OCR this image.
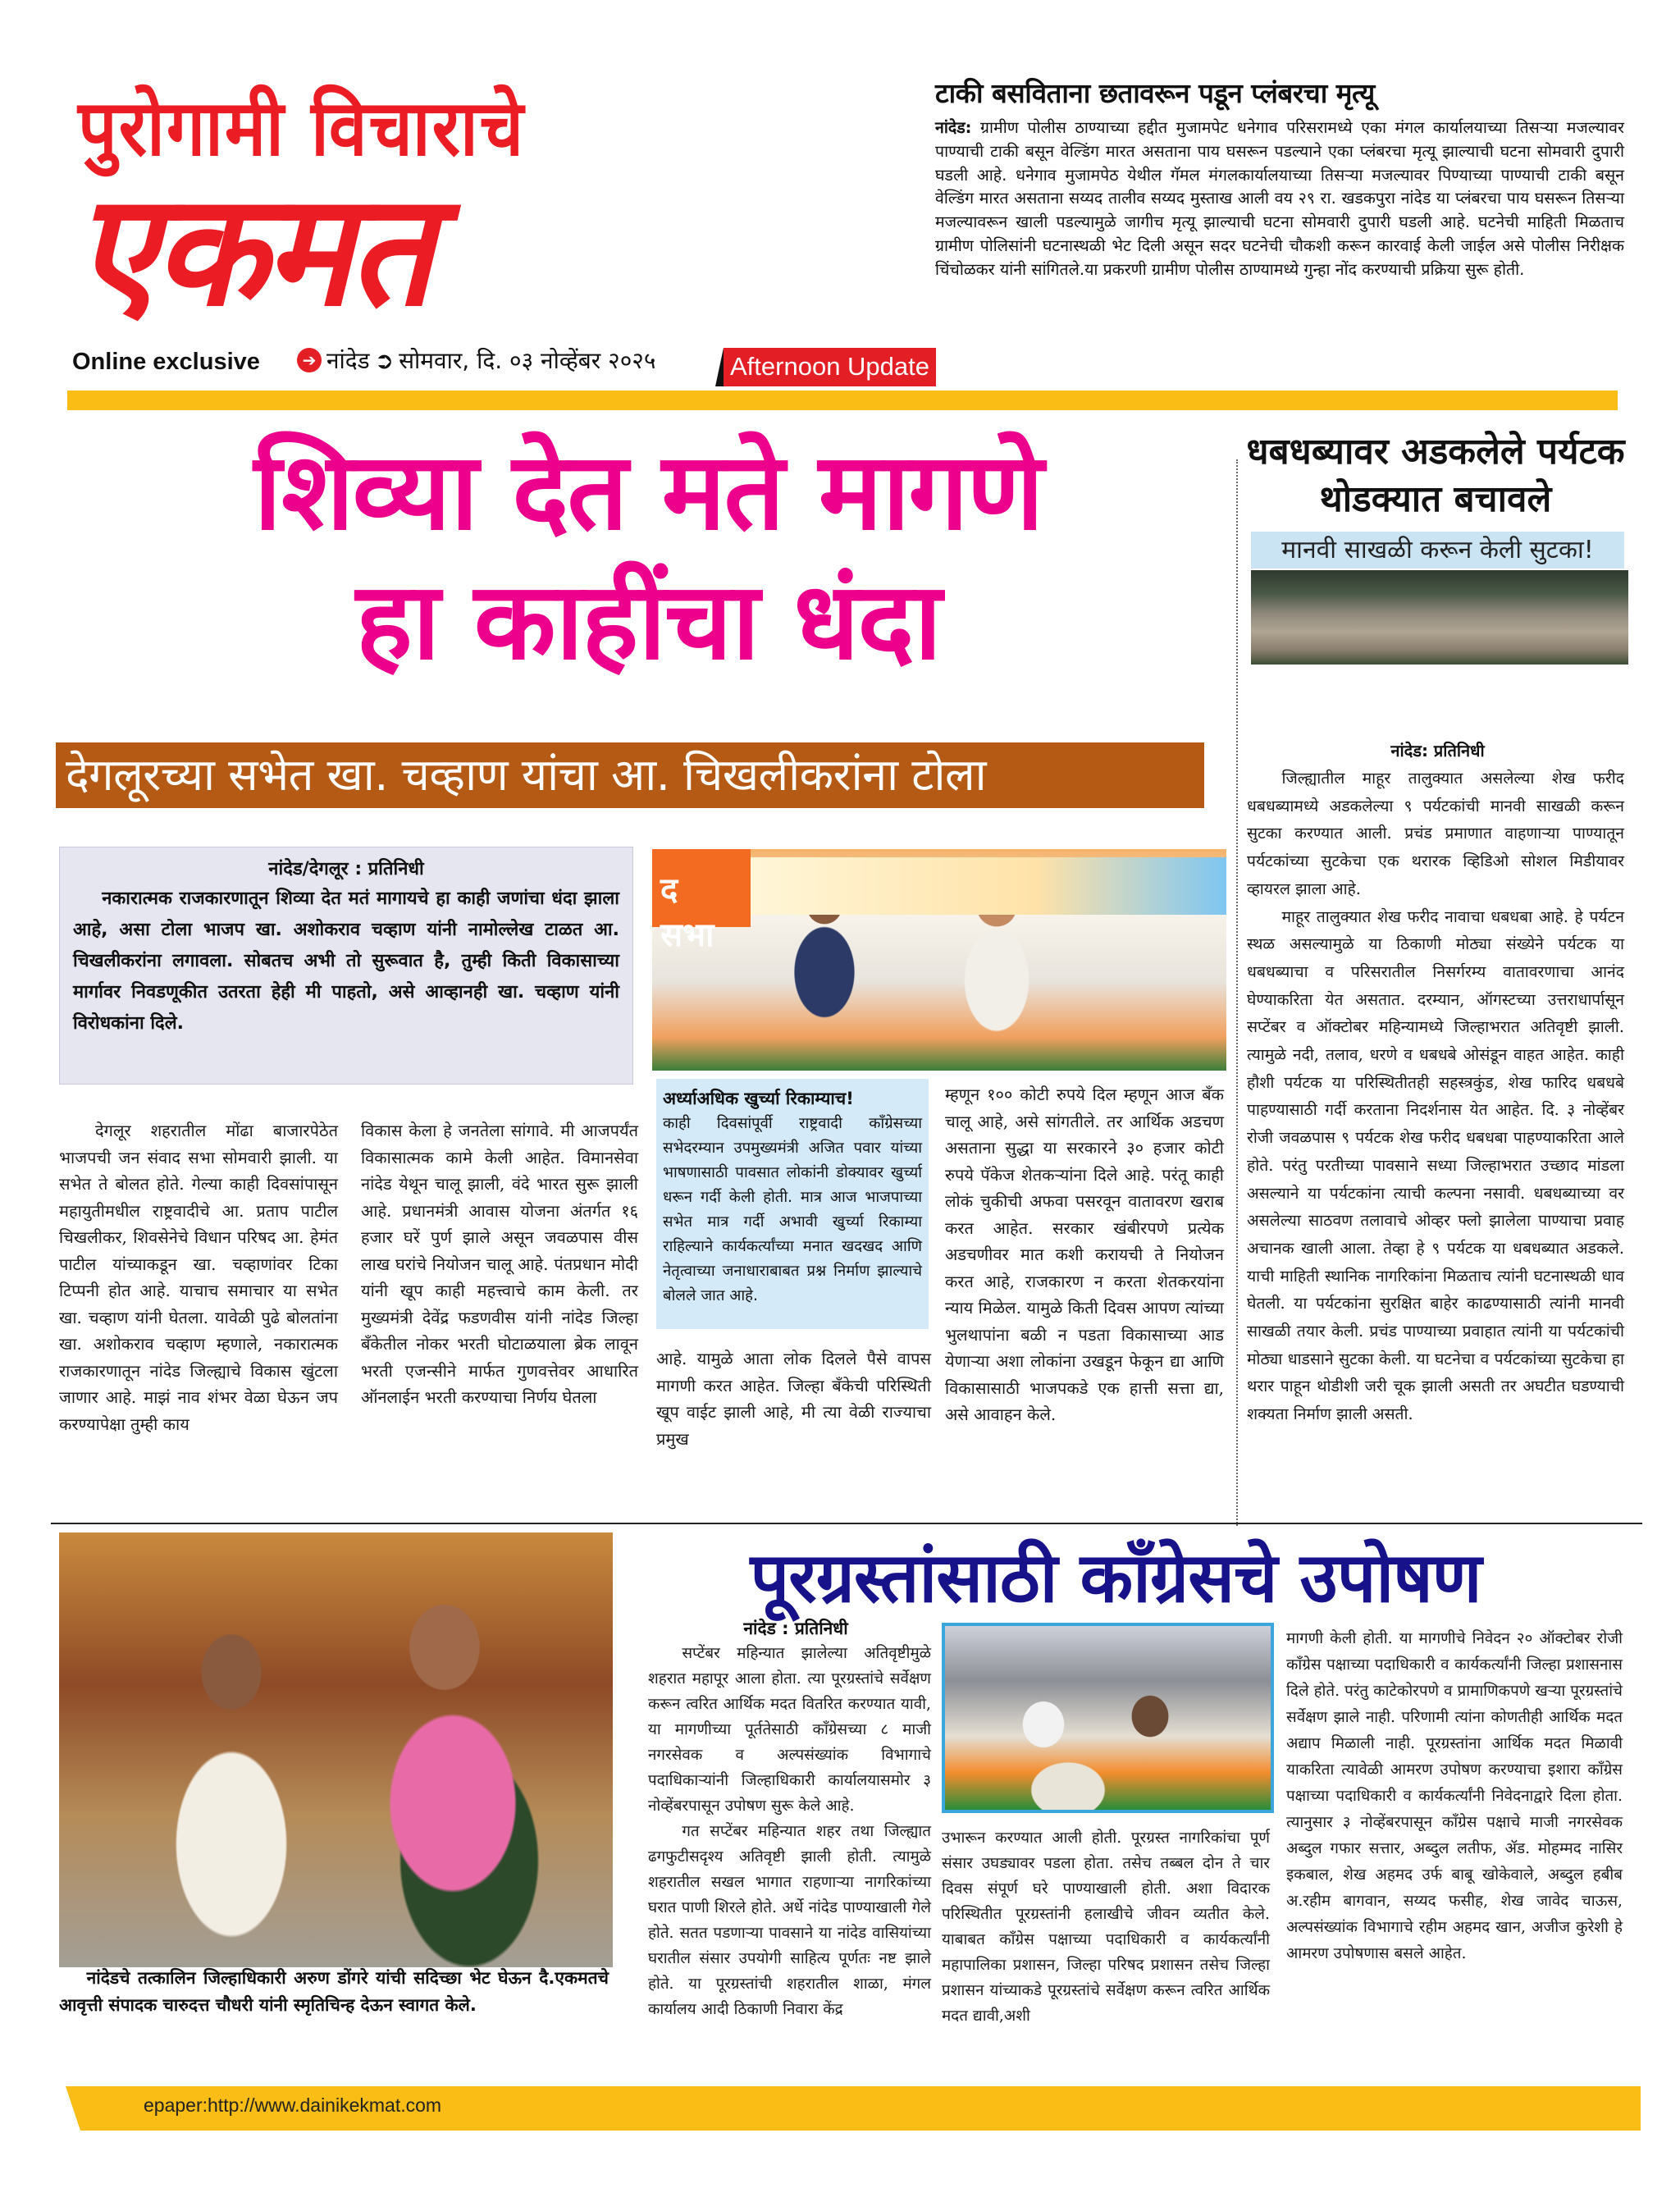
पुरोगामी विचाराचे
एकमत
Online exclusive	➔ नांदेड ➲ सोमवार, दि. ०३ नोव्हेंबर २०२५	Afternoon Update
टाकी बसविताना छतावरून पडून प्लंबरचा मृत्यू
नांदेड: ग्रामीण पोलीस ठाण्याच्या हद्दीत मुजामपेट धनेगाव परिसरामध्ये एका मंगल कार्यालयाच्या तिसऱ्या मजल्यावर पाण्याची टाकी बसून वेल्डिंग मारत असताना पाय घसरून पडल्याने एका प्लंबरचा मृत्यू झाल्याची घटना सोमवारी दुपारी घडली आहे. धनेगाव मुजामपेठ येथील गॅमल मंगलकार्यालयाच्या तिसऱ्या मजल्यावर पिण्याच्या पाण्याची टाकी बसून वेल्डिंग मारत असताना सय्यद तालीव सय्यद मुस्ताख आली वय २९ रा. खडकपुरा नांदेड या प्लंबरचा पाय घसरून तिसऱ्या मजल्यावरून खाली पडल्यामुळे जागीच मृत्यू झाल्याची घटना सोमवारी दुपारी घडली आहे. घटनेची माहिती मिळताच ग्रामीण पोलिसांनी घटनास्थळी भेट दिली असून सदर घटनेची चौकशी करून कारवाई केली जाईल असे पोलीस निरीक्षक चिंचोळकर यांनी सांगितले.या प्रकरणी ग्रामीण पोलीस ठाण्यामध्ये गुन्हा नोंद करण्याची प्रक्रिया सुरू होती.
शिव्या देत मते मागणे
हा काहींचा धंदा
देगलूरच्या सभेत खा. चव्हाण यांचा आ. चिखलीकरांना टोला
नांदेड/देगलूर : प्रतिनिधी
नकारात्मक राजकारणातून शिव्या देत मतं मागायचे हा काही जणांचा धंदा झाला आहे, असा टोला भाजप खा. अशोकराव चव्हाण यांनी नामोल्लेख टाळत आ. चिखलीकरांना लगावला. सोबतच अभी तो सुरूवात है, तुम्ही किती विकासाच्या मार्गावर निवडणूकीत उतरता हेही मी पाहतो, असे आव्हानही खा. चव्हाण यांनी विरोधकांना दिले.
द सभा

देगलूर शहरातील मोंढा बाजारपेठेत भाजपची जन संवाद सभा सोमवारी झाली. या सभेत ते बोलत होते. गेल्या काही दिवसांपासून महायुतीमधील राष्ट्रवादीचे आ. प्रताप पाटील चिखलीकर, शिवसेनेचे विधान परिषद आ. हेमंत पाटील यांच्याकडून खा. चव्हाणांवर टिका टिप्पनी होत आहे. याचाच समाचार या सभेत खा. चव्हाण यांनी घेतला. यावेळी पुढे बोलतांना खा. अशोकराव चव्हाण म्हणाले, नकारात्मक राजकारणातून नांदेड जिल्ह्याचे विकास खुंटला जाणार आहे. माझं नाव शंभर वेळा घेऊन जप करण्यापेक्षा तुम्ही काय

विकास केला हे जनतेला सांगावे. मी आजपर्यंत विकासात्मक कामे केली आहेत. विमानसेवा नांदेड येथून चालू झाली, वंदे भारत सुरू झाली आहे. प्रधानमंत्री आवास योजना अंतर्गत १६ हजार घरें पुर्ण झाले असून जवळपास वीस लाख घरांचे नियोजन चालू आहे. पंतप्रधान मोदी यांनी खूप काही महत्त्वाचे काम केली. तर मुख्यमंत्री देवेंद्र फडणवीस यांनी नांदेड जिल्हा बॅंकेतील नोकर भरती घोटाळयाला ब्रेक लावून भरती एजन्सीने मार्फत गुणवत्तेवर आधारित ऑनलाईन भरती करण्याचा निर्णय घेतला

अर्ध्याअधिक खुर्च्या रिकाम्याच!
काही दिवसांपूर्वी राष्ट्रवादी कॉंग्रेसच्या सभेदरम्यान उपमुख्यमंत्री अजित पवार यांच्या भाषणासाठी पावसात लोकांनी डोक्यावर खुर्च्या धरून गर्दी केली होती. मात्र आज भाजपाच्या सभेत मात्र गर्दी अभावी खुर्च्या रिकाम्या राहिल्याने कार्यकर्त्यांच्या मनात खदखद आणि नेतृत्वाच्या जनाधाराबाबत प्रश्न निर्माण झाल्याचे बोलले जात आहे.

आहे. यामुळे आता लोक दिलले पैसे वापस मागणी करत आहेत. जिल्हा बॅंकेची परिस्थिती खूप वाईट झाली आहे, मी त्या वेळी राज्याचा प्रमुख

म्हणून १०० कोटी रुपये दिल म्हणून आज बॅंक चालू आहे, असे सांगतीले. तर आर्थिक अडचण असताना सुद्धा या सरकारने ३० हजार कोटी रुपये पॅकेज शेतकऱ्यांना दिले आहे. परंतू काही लोकं चुकीची अफवा पसरवून वातावरण खराब करत आहेत. सरकार खंबीरपणे प्रत्येक अडचणीवर मात कशी करायची ते नियोजन करत आहे, राजकारण न करता शेतकरयांना न्याय मिळेल. यामुळे किती दिवस आपण त्यांच्या भुलथापांना बळी न पडता विकासाच्या आड येणाऱ्या अशा लोकांना उखडून फेकून द्या आणि विकासासाठी भाजपकडे एक हात्ती सत्ता द्या, असे आवाहन केले.

धबधब्यावर अडकलेले पर्यटक थोडक्यात बचावले
मानवी साखळी करून केली सुटका!
नांदेड: प्रतिनिधी

जिल्ह्यातील माहूर तालुक्यात असलेल्या शेख फरीद धबधब्यामध्ये अडकलेल्या ९ पर्यटकांची मानवी साखळी करून सुटका करण्यात आली. प्रचंड प्रमाणात वाहणाऱ्या पाण्यातून पर्यटकांच्या सुटकेचा एक थरारक व्हिडिओ सोशल मिडीयावर व्हायरल झाला आहे.

माहूर तालुक्यात शेख फरीद नावाचा धबधबा आहे. हे पर्यटन स्थळ असल्यामुळे या ठिकाणी मोठ्या संख्येने पर्यटक या धबधब्याचा व परिसरातील निसर्गरम्य वातावरणाचा आनंद घेण्याकरिता येत असतात. दरम्यान, ऑगस्टच्या उत्तराधार्पासून सप्टेंबर व ऑक्टोबर महिन्यामध्ये जिल्हाभरात अतिवृष्टी झाली. त्यामुळे नदी, तलाव, धरणे व धबधबे ओसंडून वाहत आहेत. काही हौशी पर्यटक या परिस्थितीतही सहस्त्रकुंड, शेख फारिद धबधबे पाहण्यासाठी गर्दी करताना निदर्शनास येत आहेत. दि. ३ नोव्हेंबर रोजी जवळपास ९ पर्यटक शेख फरीद धबधबा पाहण्याकरिता आले होते. परंतु परतीच्या पावसाने सध्या जिल्हाभरात उच्छाद मांडला असल्याने या पर्यटकांना त्याची कल्पना नसावी. धबधब्याच्या वर असलेल्या साठवण तलावाचे ओव्हर फ्लो झालेला पाण्याचा प्रवाह अचानक खाली आला. तेव्हा हे ९ पर्यटक या धबधब्यात अडकले. याची माहिती स्थानिक नागरिकांना मिळताच त्यांनी घटनास्थळी धाव घेतली. या पर्यटकांना सुरक्षित बाहेर काढण्यासाठी त्यांनी मानवी साखळी तयार केली. प्रचंड पाण्याच्या प्रवाहात त्यांनी या पर्यटकांची मोठ्या धाडसाने सुटका केली. या घटनेचा व पर्यटकांच्या सुटकेचा हा थरार पाहून थोडीशी जरी चूक झाली असती तर अघटीत घडण्याची शक्यता निर्माण झाली असती.

नांदेडचे तत्कालिन जिल्हाधिकारी अरुण डोंगरे यांची सदिच्छा भेट घेऊन दै.एकमतचे आवृत्ती संपादक चारुदत्त चौधरी यांनी स्मृतिचिन्ह देऊन स्वागत केले.
पूरग्रस्तांसाठी कॉंग्रेसचे उपोषण
नांदेड : प्रतिनिधी

सप्टेंबर महिन्यात झालेल्या अतिवृष्टीमुळे शहरात महापूर आला होता. त्या पूरग्रस्तांचे सर्वेक्षण करून त्वरित आर्थिक मदत वितरित करण्यात यावी, या मागणीच्या पूर्ततेसाठी कॉंग्रेसच्या ८ माजी नगरसेवक व अल्पसंख्यांक विभागाचे पदाधिकाऱ्यांनी जिल्हाधिकारी कार्यालयासमोर ३ नोव्हेंबरपासून उपोषण सुरू केले आहे.

गत सप्टेंबर महिन्यात शहर तथा जिल्ह्यात ढगफुटीसदृश्य अतिवृष्टी झाली होती. त्यामुळे शहरातील सखल भागात राहणाऱ्या नागरिकांच्या घरात पाणी शिरले होते. अर्धे नांदेड पाण्याखाली गेले होते. सतत पडणाऱ्या पावसाने या नांदेड वासियांच्या घरातील संसार उपयोगी साहित्य पूर्णतः नष्ट झाले होते. या पूरग्रस्तांची शहरातील शाळा, मंगल कार्यालय आदी ठिकाणी निवारा केंद्र

उभारून करण्यात आली होती. पूरग्रस्त नागरिकांचा पूर्ण संसार उघड्यावर पडला होता. तसेच तब्बल दोन ते चार दिवस संपूर्ण घरे पाण्याखाली होती. अशा विदारक परिस्थितीत पूरग्रस्तांनी हलाखीचे जीवन व्यतीत केले. याबाबत कॉंग्रेस पक्षाच्या पदाधिकारी व कार्यकर्त्यांनी महापालिका प्रशासन, जिल्हा परिषद प्रशासन तसेच जिल्हा प्रशासन यांच्याकडे पूरग्रस्तांचे सर्वेक्षण करून त्वरित आर्थिक मदत द्यावी,अशी

मागणी केली होती. या मागणीचे निवेदन २० ऑक्टोबर रोजी कॉंग्रेस पक्षाच्या पदाधिकारी व कार्यकर्त्यांनी जिल्हा प्रशासनास दिले होते. परंतु काटेकोरपणे व प्रामाणिकपणे खऱ्या पूरग्रस्तांचे सर्वेक्षण झाले नाही. परिणामी त्यांना कोणतीही आर्थिक मदत अद्याप मिळाली नाही. पूरग्रस्तांना आर्थिक मदत मिळावी याकरिता त्यावेळी आमरण उपोषण करण्याचा इशारा कॉंग्रेस पक्षाच्या पदाधिकारी व कार्यकर्त्यांनी निवेदनाद्वारे दिला होता. त्यानुसार ३ नोव्हेंबरपासून कॉंग्रेस पक्षाचे माजी नगरसेवक अब्दुल गफार सत्तार, अब्दुल लतीफ, ॲड. मोहम्मद नासिर इकबाल, शेख अहमद उर्फ बाबू खोकेवाले, अब्दुल हबीब अ.रहीम बागवान, सय्यद फसीह, शेख जावेद चाऊस, अल्पसंख्यांक विभागाचे रहीम अहमद खान, अजीज कुरेशी हे आमरण उपोषणास बसले आहेत.

epaper:http://www.dainikekmat.com
